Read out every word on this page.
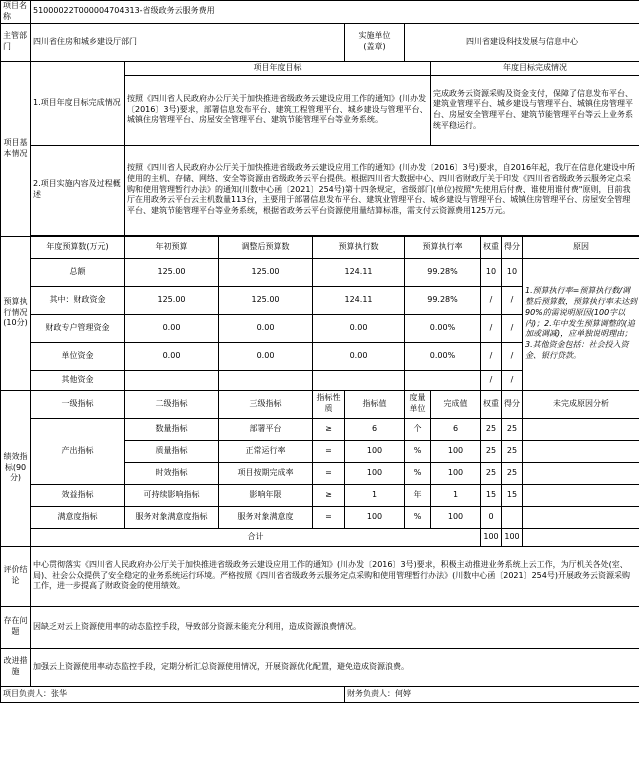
项目名称	51000022T000004704313-省级政务云服务费用									
主管部门	四川省住房和城乡建设厅部门				实施单位
(盖章)	四川省建设科技发展与信息中心				
项目基本情况	1.项目年度目标完成情况	项目年度目标					年度目标完成情况			
		按照《四川省人民政府办公厅关于加快推进省级政务云建设应用工作的通知》(川办发〔2016〕3号)要求，部署信息发布平台、建筑工程管理平台、城乡建设与管理平台、城镇住房管理平台、房屋安全管理平台、建筑节能管理平台等业务系统。					完成政务云资源采购及资金支付，保障了信息发布平台、建筑业管理平台、城乡建设与管理平台、城镇住房管理平台、房屋安全管理平台、建筑节能管理平台等云上业务系统平稳运行。			
	2.项目实施内容及过程概述	按照《四川省人民政府办公厅关于加快推进省级政务云建设应用工作的通知》(川办发〔2016〕3号)要求，自2016年起，我厅在信息化建设中所使用的主机、存储、网络、安全等资源由省级政务云平台提供。根据四川省大数据中心、四川省财政厅关于印发《四川省省级政务云服务定点采购和使用管理暂行办法》的通知(川数中心函〔2021〕254号)第十四条规定，省级部门(单位)按照"先使用后付费、谁使用谁付费"原则，目前我厅在用政务云平台云主机数量113台，主要用于部署信息发布平台、建筑业管理平台、城乡建设与管理平台、城镇住房管理平台、房屋安全管理平台、建筑节能管理平台等业务系统，根据省政务云平台资源使用量结算标准，需支付云资源费用125万元。								

预算执行情况(10分)	年度预算数(万元)	年初预算	调整后预算数	预算执行数		预算执行率		权重	得分	原因
	总额	125.00	125.00	124.11		99.28%		10	10	1.预算执行率=预算执行数/调整后预算数，预算执行率未达到90%的需说明原因(100字以内)；2.年中发生预算调整的(追加或调减)，应单独说明理由；3.其他资金包括：社会投入资金、银行贷款。
	其中：财政资金	125.00	125.00	124.11		99.28%		/	/	
	财政专户管理资金	0.00	0.00	0.00		0.00%		/	/	
	单位资金	0.00	0.00	0.00		0.00%		/	/	
	其他资金							/	/	
绩效指标(90分)	一级指标	二级指标	三级指标	指标性质	指标值	度量单位	完成值	权重	得分	未完成原因分析
	产出指标	数量指标	部署平台	≥	6	个	6	25	25	
		质量指标	正常运行率	=	100	%	100	25	25	
		时效指标	项目按期完成率	=	100	%	100	25	25	
	效益指标	可持续影响指标	影响年限	≥	1	年	1	15	15	
	满意度指标	服务对象满意度指标	服务对象满意度	=	100	%	100	0		
	合计							100	100	
评价结论	中心贯彻落实《四川省人民政府办公厅关于加快推进省级政务云建设应用工作的通知》(川办发〔2016〕3号)要求，积极主动推进业务系统上云工作，为厅机关各处(室、局)、社会公众提供了安全稳定的业务系统运行环境。严格按照《四川省省级政务云服务定点采购和使用管理暂行办法》(川数中心函〔2021〕254号)开展政务云资源采购工作，进一步提高了财政资金的使用绩效。									
存在问题	因缺乏对云上资源使用率的动态监控手段，导致部分资源未能充分利用，造成资源浪费情况。									
改进措施	加强云上资源使用率动态监控手段，定期分析汇总资源使用情况，开展资源优化配置，避免造成资源浪费。									
项目负责人：张华					财务负责人：何婷					
